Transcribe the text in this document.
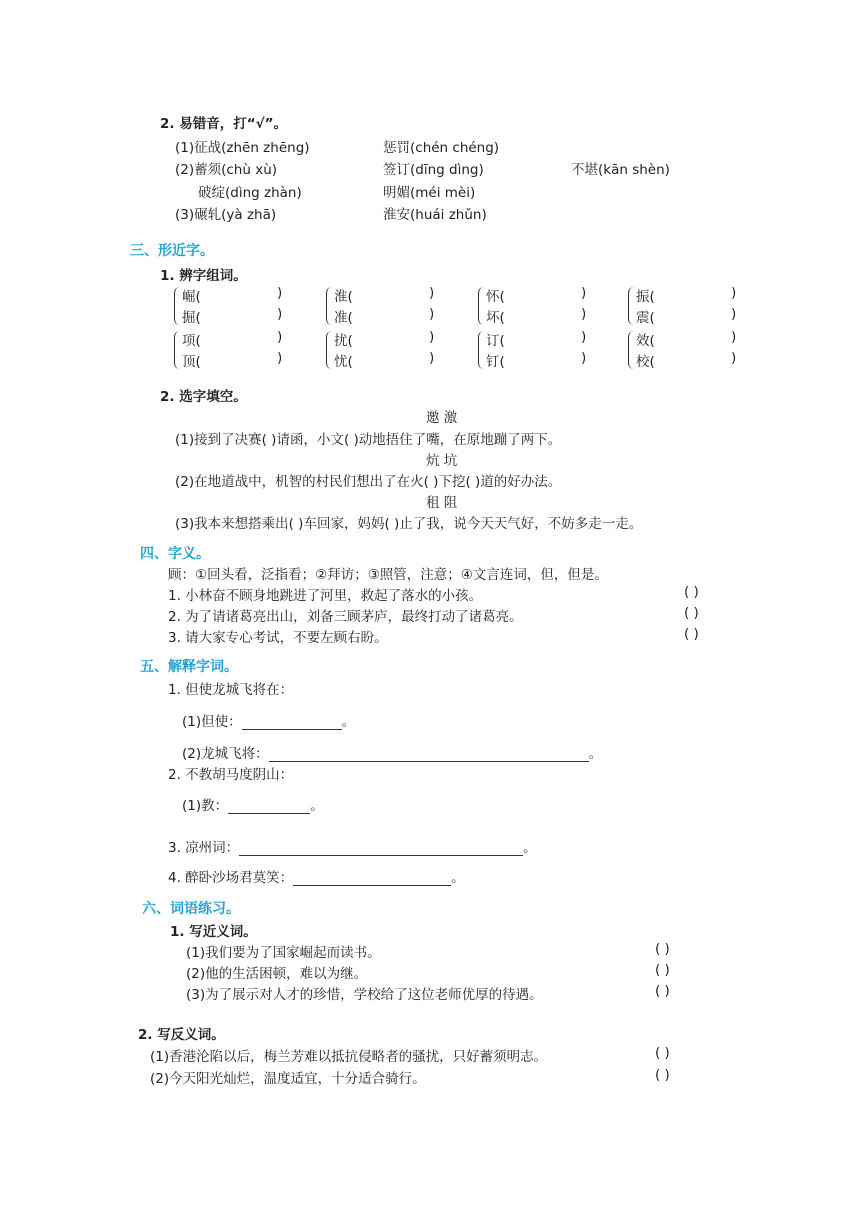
2. 易错音，打“√”。
(1)征战(zhēn zhēng)	惩罚(chén chéng)
(2)蓄须(chù xù)	签订(dīng dìng)	不堪(kān shèn)
破绽(dìng zhàn)	明媚(méi mèi)
(3)碾轧(yà zhā)	淮安(huái zhǔn)
三、形近字。
1. 辨字组词。
崛(	)	淮(	)	怀(	)	振(	)
掘(	)	准(	)	坏(	)	震(	)
项(	)	扰(	)	订(	)	效(	)
顶(	)	忧(	)	钉(	)	校(	)
2. 选字填空。
邀 激
(1)接到了决赛( )请函，小文( )动地捂住了嘴，在原地蹦了两下。
炕 坑
(2)在地道战中，机智的村民们想出了在火( )下挖( )道的好办法。
租 阻
(3)我本来想搭乘出( )车回家，妈妈( )止了我，说今天天气好，不妨多走一走。
四、字义。
顾：①回头看，泛指看；②拜访；③照管，注意；④文言连词，但，但是。
1. 小林奋不顾身地跳进了河里，救起了落水的小孩。
2. 为了请诸葛亮出山，刘备三顾茅庐，最终打动了诸葛亮。
3. 请大家专心考试，不要左顾右盼。
( )
( )
( )
五、解释字词。
1. 但使龙城飞将在：
(1)但使：	。
(2)龙城飞将：	。
2. 不教胡马度阴山：
(1)教：	。
3. 凉州词：	。
4. 醉卧沙场君莫笑：	。
六、词语练习。
1. 写近义词。
(1)我们要为了国家崛起而读书。
(2)他的生活困顿，难以为继。
(3)为了展示对人才的珍惜，学校给了这位老师优厚的待遇。
( )
( )
( )
2. 写反义词。
(1)香港沦陷以后，梅兰芳难以抵抗侵略者的骚扰，只好蓄须明志。
(2)今天阳光灿烂，温度适宜，十分适合骑行。
( )
( )
